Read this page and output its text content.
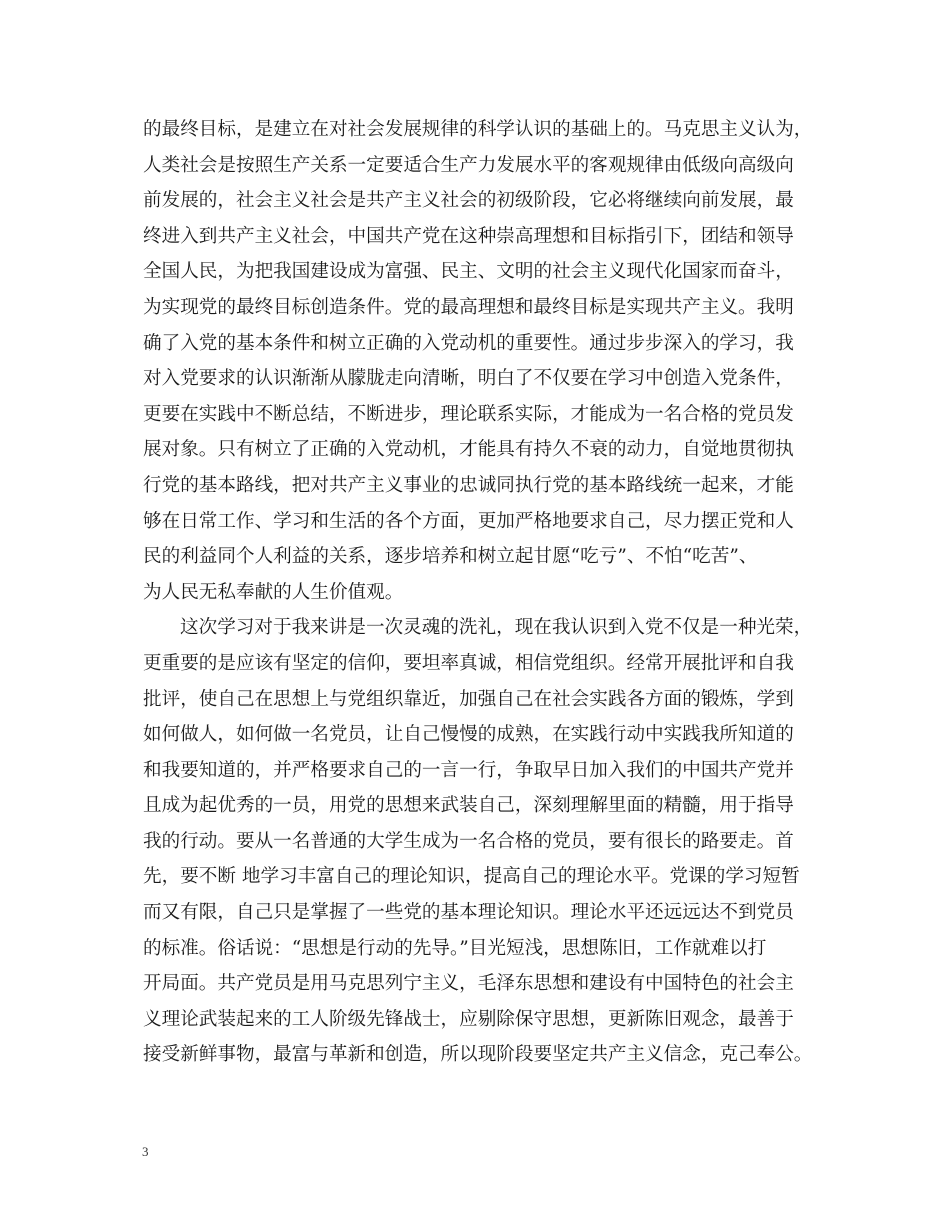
的最终目标，是建立在对社会发展规律的科学认识的基础上的。马克思主义认为，
人类社会是按照生产关系一定要适合生产力发展水平的客观规律由低级向高级向
前发展的，社会主义社会是共产主义社会的初级阶段，它必将继续向前发展，最
终进入到共产主义社会，中国共产党在这种崇高理想和目标指引下，团结和领导
全国人民，为把我国建设成为富强、民主、文明的社会主义现代化国家而奋斗，
为实现党的最终目标创造条件。党的最高理想和最终目标是实现共产主义。我明
确了入党的基本条件和树立正确的入党动机的重要性。通过步步深入的学习，我
对入党要求的认识渐渐从朦胧走向清晰，明白了不仅要在学习中创造入党条件，
更要在实践中不断总结，不断进步，理论联系实际，才能成为一名合格的党员发
展对象。只有树立了正确的入党动机，才能具有持久不衰的动力，自觉地贯彻执
行党的基本路线，把对共产主义事业的忠诚同执行党的基本路线统一起来，才能
够在日常工作、学习和生活的各个方面，更加严格地要求自己，尽力摆正党和人
民的利益同个人利益的关系，逐步培养和树立起甘愿“吃亏”、不怕“吃苦”、
为人民无私奉献的人生价值观。
这次学习对于我来讲是一次灵魂的洗礼，现在我认识到入党不仅是一种光荣，
更重要的是应该有坚定的信仰，要坦率真诚，相信党组织。经常开展批评和自我
批评，使自己在思想上与党组织靠近，加强自己在社会实践各方面的锻炼，学到
如何做人，如何做一名党员，让自己慢慢的成熟，在实践行动中实践我所知道的
和我要知道的，并严格要求自己的一言一行，争取早日加入我们的中国共产党并
且成为起优秀的一员，用党的思想来武装自己，深刻理解里面的精髓，用于指导
我的行动。要从一名普通的大学生成为一名合格的党员，要有很长的路要走。首
先，要不断 地学习丰富自己的理论知识，提高自己的理论水平。党课的学习短暂
而又有限，自己只是掌握了一些党的基本理论知识。理论水平还远远达不到党员
的标准。俗话说：“思想是行动的先导。”目光短浅，思想陈旧，工作就难以打
开局面。共产党员是用马克思列宁主义，毛泽东思想和建设有中国特色的社会主
义理论武装起来的工人阶级先锋战士，应剔除保守思想，更新陈旧观念，最善于
接受新鲜事物，最富与革新和创造，所以现阶段要坚定共产主义信念，克己奉公。
3
